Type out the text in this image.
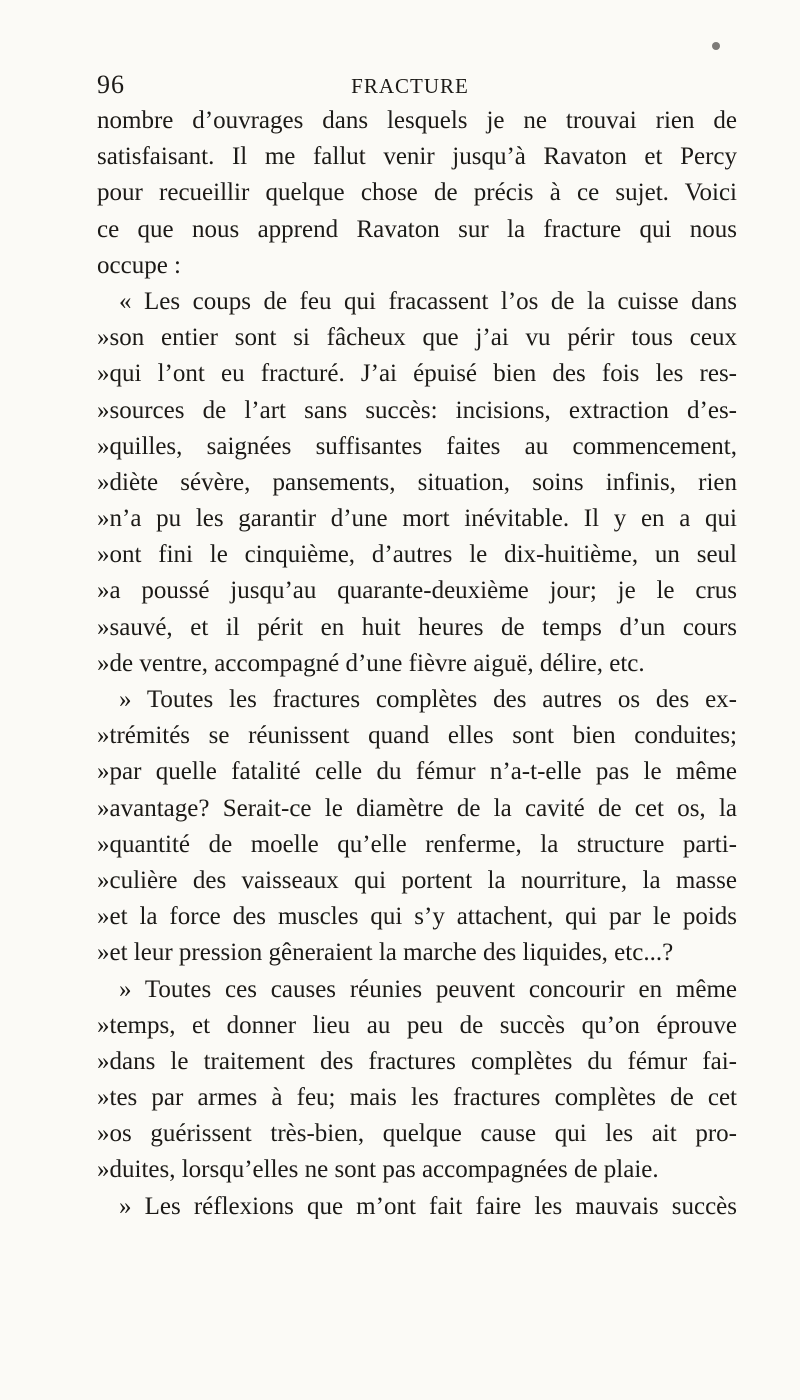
96	FRACTURE
nombre d’ouvrages dans lesquels je ne trouvai rien de
satisfaisant. Il me fallut venir jusqu’à Ravaton et Percy
pour recueillir quelque chose de précis à ce sujet. Voici
ce que nous apprend Ravaton sur la fracture qui nous
occupe :
« Les coups de feu qui fracassent l’os de la cuisse dans
»son entier sont si fâcheux que j’ai vu périr tous ceux
»qui l’ont eu fracturé. J’ai épuisé bien des fois les res-
»sources de l’art sans succès: incisions, extraction d’es-
»quilles, saignées suffisantes faites au commencement,
»diète sévère, pansements, situation, soins infinis, rien
»n’a pu les garantir d’une mort inévitable. Il y en a qui
»ont fini le cinquième, d’autres le dix-huitième, un seul
»a poussé jusqu’au quarante-deuxième jour; je le crus
»sauvé, et il périt en huit heures de temps d’un cours
»de ventre, accompagné d’une fièvre aiguë, délire, etc.
» Toutes les fractures complètes des autres os des ex-
»trémités se réunissent quand elles sont bien conduites;
»par quelle fatalité celle du fémur n’a-t-elle pas le même
»avantage? Serait-ce le diamètre de la cavité de cet os, la
»quantité de moelle qu’elle renferme, la structure parti-
»culière des vaisseaux qui portent la nourriture, la masse
»et la force des muscles qui s’y attachent, qui par le poids
»et leur pression gêneraient la marche des liquides, etc...?
» Toutes ces causes réunies peuvent concourir en même
»temps, et donner lieu au peu de succès qu’on éprouve
»dans le traitement des fractures complètes du fémur fai-
»tes par armes à feu; mais les fractures complètes de cet
»os guérissent très-bien, quelque cause qui les ait pro-
»duites, lorsqu’elles ne sont pas accompagnées de plaie.
» Les réflexions que m’ont fait faire les mauvais succès
